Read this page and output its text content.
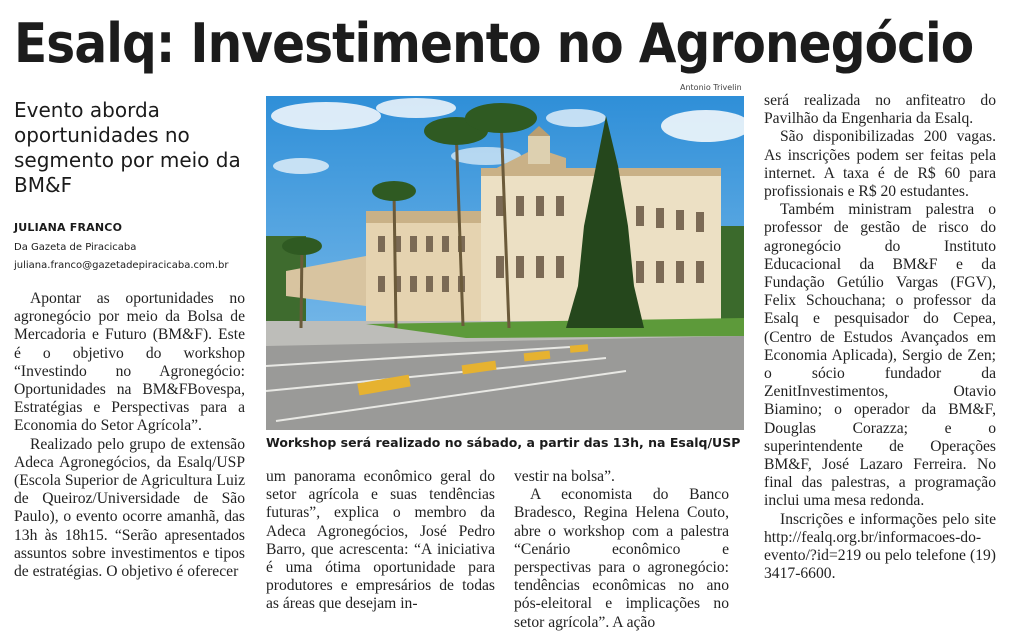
Esalq: Investimento no Agronegócio
Evento aborda oportunidades no segmento por meio da BM&F
JULIANA FRANCO
Da Gazeta de Piracicaba
juliana.franco@gazetadepiracicaba.com.br
Antonio Trivelin
Workshop será realizado no sábado, a partir das 13h, na Esalq/USP

Apontar as oportunidades no agronegócio por meio da Bolsa de Mercadoria e Futuro (BM&F). Este é o objetivo do workshop “Investindo no Agronegócio: Oportunidades na BM&FBovespa, Estratégias e Perspectivas para a Economia do Setor Agrícola”.

Realizado pelo grupo de extensão Adeca Agronegócios, da Esalq/USP (Escola Superior de Agricultura Luiz de Queiroz/Universidade de São Paulo), o evento ocorre amanhã, das 13h às 18h15. “Serão apresentados assuntos sobre investimentos e tipos de estratégias. O objetivo é oferecer

um panorama econômico geral do setor agrícola e suas tendências futuras”, explica o membro da Adeca Agronegócios, José Pedro Barro, que acrescenta: “A iniciativa é uma ótima oportunidade para produtores e empresários de todas as áreas que desejam in-

vestir na bolsa”.

A economista do Banco Bradesco, Regina Helena Couto, abre o workshop com a palestra “Cenário econômico e perspectivas para o agronegócio: tendências econômicas no ano pós-eleitoral e implicações no setor agrícola”. A ação

será realizada no anfiteatro do Pavilhão da Engenharia da Esalq.

São disponibilizadas 200 vagas. As inscrições podem ser feitas pela internet. A taxa é de R$ 60 para profissionais e R$ 20 estudantes.

Também ministram palestra o professor de gestão de risco do agronegócio do Instituto Educacional da BM&F e da Fundação Getúlio Vargas (FGV), Felix Schouchana; o professor da Esalq e pesquisador do Cepea, (Centro de Estudos Avançados em Economia Aplicada), Sergio de Zen; o sócio fundador da ZenitInvestimentos, Otavio Biamino; o operador da BM&F, Douglas Corazza; e o superintendente de Operações BM&F, José Lazaro Ferreira. No final das palestras, a programação inclui uma mesa redonda.

Inscrições e informações pelo site http://fealq.org.br/informacoes-do-evento/?id=219 ou pelo telefone (19) 3417-6600.
